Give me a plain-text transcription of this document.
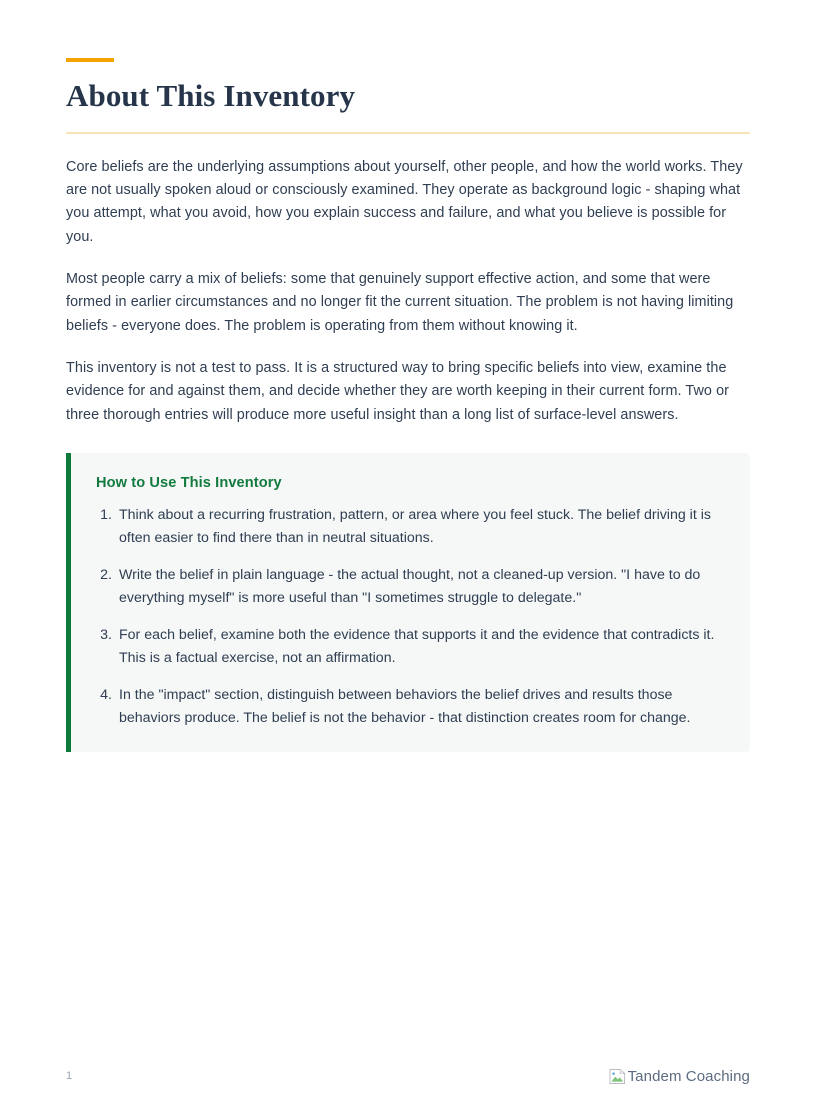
About This Inventory

Core beliefs are the underlying assumptions about yourself, other people, and how the world works. They are not usually spoken aloud or consciously examined. They operate as background logic - shaping what you attempt, what you avoid, how you explain success and failure, and what you believe is possible for you.

Most people carry a mix of beliefs: some that genuinely support effective action, and some that were formed in earlier circumstances and no longer fit the current situation. The problem is not having limiting beliefs - everyone does. The problem is operating from them without knowing it.

This inventory is not a test to pass. It is a structured way to bring specific beliefs into view, examine the evidence for and against them, and decide whether they are worth keeping in their current form. Two or three thorough entries will produce more useful insight than a long list of surface-level answers.

How to Use This Inventory
Think about a recurring frustration, pattern, or area where you feel stuck. The belief driving it is often easier to find there than in neutral situations.
Write the belief in plain language - the actual thought, not a cleaned-up version. "I have to do everything myself" is more useful than "I sometimes struggle to delegate."
For each belief, examine both the evidence that supports it and the evidence that contradicts it. This is a factual exercise, not an affirmation.
In the "impact" section, distinguish between behaviors the belief drives and results those behaviors produce. The belief is not the behavior - that distinction creates room for change.
1	Tandem Coaching
